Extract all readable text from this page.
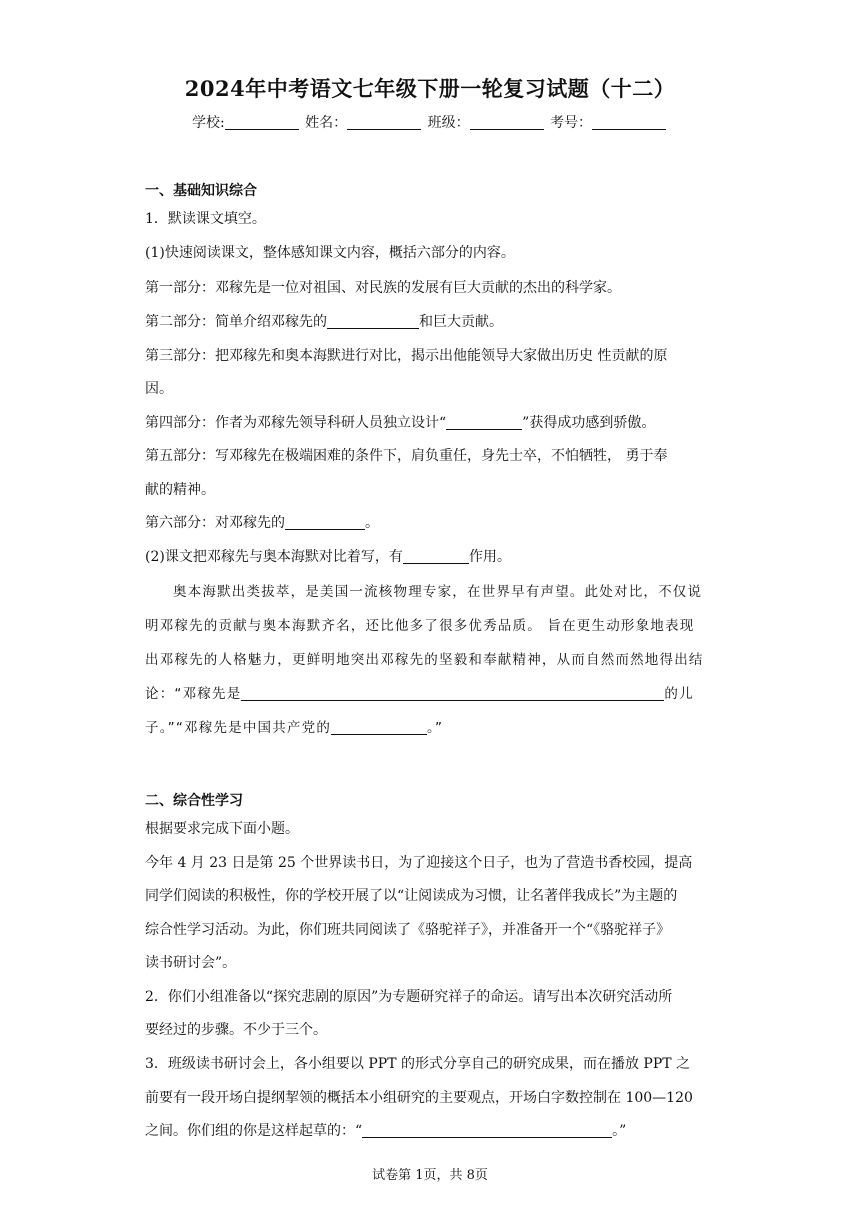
2024年中考语文七年级下册一轮复习试题（十二）
学校:	姓名：	班级：	考号：
一、基础知识综合
1．默读课文填空。
(1)快速阅读课文，整体感知课文内容，概括六部分的内容。
第一部分：邓稼先是一位对祖国、对民族的发展有巨大贡献的杰出的科学家。
第二部分：简单介绍邓稼先的	和巨大贡献。
第三部分：把邓稼先和奥本海默进行对比，揭示出他能领导大家做出历史 性贡献的原
因。
第四部分：作者为邓稼先领导科研人员独立设计“	”获得成功感到骄傲。
第五部分：写邓稼先在极端困难的条件下，肩负重任，身先士卒，不怕牺牲， 勇于奉
献的精神。
第六部分：对邓稼先的	。
(2)课文把邓稼先与奥本海默对比着写，有	作用。
奥本海默出类拔萃，是美国一流核物理专家，在世界早有声望。此处对比，不仅说
明邓稼先的贡献与奥本海默齐名，还比他多了很多优秀品质。 旨在更生动形象地表现
出邓稼先的人格魅力，更鲜明地突出邓稼先的坚毅和奉献精神，从而自然而然地得出结
论：“邓稼先是	的儿
子。”“邓稼先是中国共产党的	。”
二、综合性学习
根据要求完成下面小题。
今年 4 月 23 日是第 25 个世界读书日，为了迎接这个日子，也为了营造书香校园，提高
同学们阅读的积极性，你的学校开展了以“让阅读成为习惯，让名著伴我成长”为主题的
综合性学习活动。为此，你们班共同阅读了《骆驼祥子》，并准备开一个“《骆驼祥子》
读书研讨会”。
2．你们小组准备以“探究悲剧的原因”为专题研究祥子的命运。请写出本次研究活动所
要经过的步骤。不少于三个。
3．班级读书研讨会上，各小组要以 PPT 的形式分享自己的研究成果，而在播放 PPT 之
前要有一段开场白提纲挈领的概括本小组研究的主要观点，开场白字数控制在 100—120
之间。你们组的你是这样起草的：“	。”
试卷第 1页，共 8页
